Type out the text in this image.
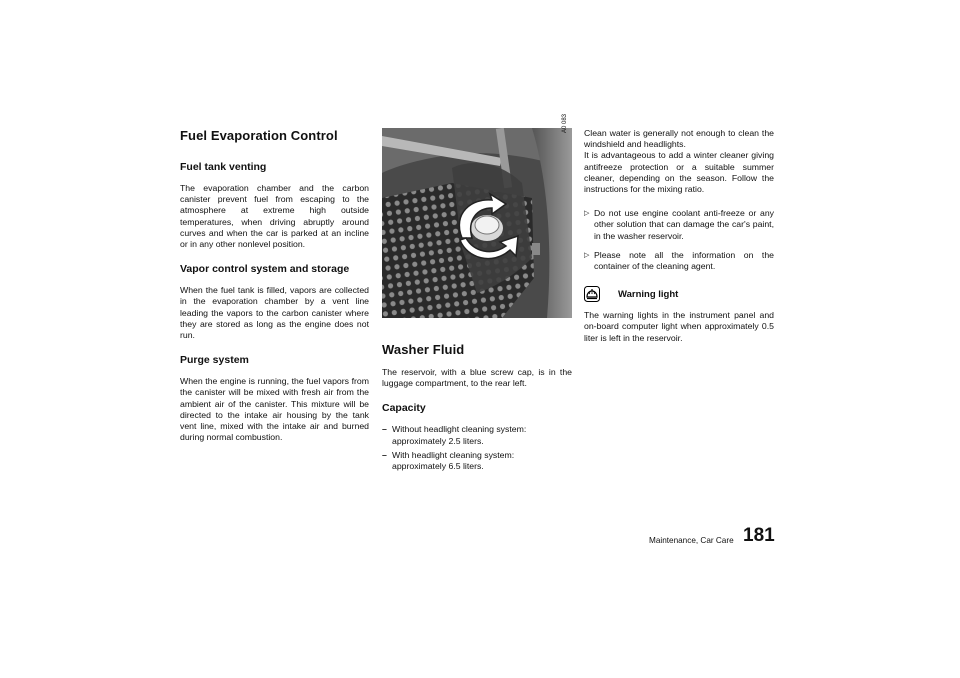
Fuel Evaporation Control
Fuel tank venting

The evaporation chamber and the carbon canister prevent fuel from escaping to the atmosphere at extreme high outside temperatures, when driving abruptly around curves and when the car is parked at an incline or in any other nonlevel position.

Vapor control system and storage

When the fuel tank is filled, vapors are collected in the evaporation chamber by a vent line leading the vapors to the carbon canister where they are stored as long as the engine does not run.

Purge system

When the engine is running, the fuel vapors from the canister will be mixed with fresh air from the ambient air of the canister. This mixture will be directed to the intake air housing by the tank vent line, mixed with the intake air and burned during normal combustion.

Washer Fluid

The reservoir, with a blue screw cap, is in the luggage compartment, to the rear left.

Capacity
– Without headlight cleaning system:
approximately 2.5 liters.
– With headlight cleaning system:
approximately 6.5 liters.
A0 083 Clean water is generally not enough to clean the windshield and headlights.

It is advantageous to add a winter cleaner giving antifreeze protection or a suitable summer cleaner, depending on the season. Follow the instructions for the mixing ratio.

▷ Do not use engine coolant anti-freeze or any other solution that can damage the car's paint, in the washer reservoir.
▷ Please note all the information on the container of the cleaning agent.
Warning light

The warning lights in the instrument panel and on-board computer light when approximately 0.5 liter is left in the reservoir.

Maintenance, Car Care 181
